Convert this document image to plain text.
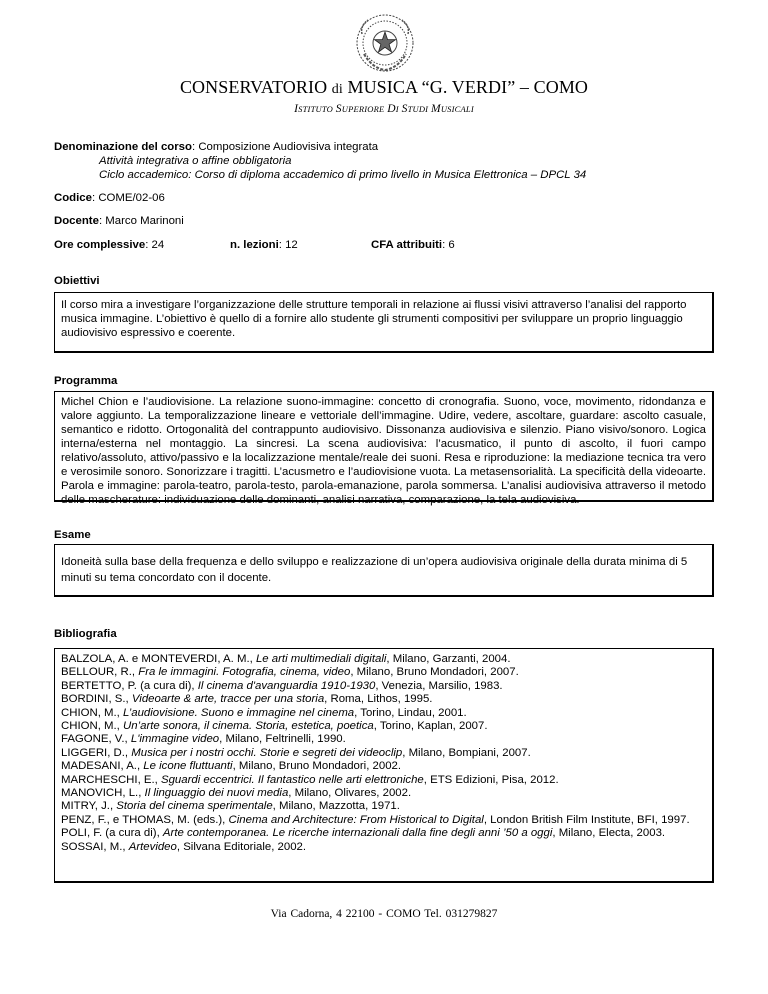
CONSERVATORIO di MUSICA “G. VERDI” – COMO
ISTITUTO SUPERIORE DI STUDI MUSICALI
Denominazione del corso: Composizione Audiovisiva integrata
Attività integrativa o affine obbligatoria
Ciclo accademico: Corso di diploma accademico di primo livello in Musica Elettronica – DPCL 34
Codice: COME/02-06
Docente: Marco Marinoni
Ore complessive: 24	n. lezioni: 12	CFA attribuiti: 6
Obiettivi
Il corso mira a investigare l’organizzazione delle strutture temporali in relazione ai flussi visivi attraverso l’analisi del rapporto musica immagine. L’obiettivo è quello di a fornire allo studente gli strumenti compositivi per sviluppare un proprio linguaggio audiovisivo espressivo e coerente.
Programma
Michel Chion e l’audiovisione. La relazione suono-immagine: concetto di cronografia. Suono, voce, movimento, ridondanza e valore aggiunto. La temporalizzazione lineare e vettoriale dell’immagine. Udire, vedere, ascoltare, guardare: ascolto casuale, semantico e ridotto. Ortogonalità del contrappunto audiovisivo. Dissonanza audiovisiva e silenzio. Piano visivo/sonoro. Logica interna/esterna nel montaggio. La sincresi. La scena audiovisiva: l’acusmatico, il punto di ascolto, il fuori campo relativo/assoluto, attivo/passivo e la localizzazione mentale/reale dei suoni. Resa e riproduzione: la mediazione tecnica tra vero e verosimile sonoro. Sonorizzare i tragitti. L’acusmetro e l’audiovisione vuota. La metasensorialità. La specificità della videoarte. Parola e immagine: parola-teatro, parola-testo, parola-emanazione, parola sommersa. L’analisi audiovisiva attraverso il metodo delle mascherature: individuazione delle dominanti, analisi narrativa, comparazione, la tela audiovisiva.
Esame
Idoneità sulla base della frequenza e dello sviluppo e realizzazione di un’opera audiovisiva originale della durata minima di 5 minuti su tema concordato con il docente.
Bibliografia
BALZOLA, A. e MONTEVERDI, A. M., Le arti multimediali digitali, Milano, Garzanti, 2004.
BELLOUR, R., Fra le immagini. Fotografia, cinema, video, Milano, Bruno Mondadori, 2007.
BERTETTO, P. (a cura di), Il cinema d'avanguardia 1910-1930, Venezia, Marsilio, 1983.
BORDINI, S., Videoarte & arte, tracce per una storia, Roma, Lithos, 1995.
CHION, M., L’audiovisione. Suono e immagine nel cinema, Torino, Lindau, 2001.
CHION, M., Un’arte sonora, il cinema. Storia, estetica, poetica, Torino, Kaplan, 2007.
FAGONE, V., L'immagine video, Milano, Feltrinelli, 1990.
LIGGERI, D., Musica per i nostri occhi. Storie e segreti dei videoclip, Milano, Bompiani, 2007.
MADESANI, A., Le icone fluttuanti, Milano, Bruno Mondadori, 2002.
MARCHESCHI, E., Sguardi eccentrici. Il fantastico nelle arti elettroniche, ETS Edizioni, Pisa, 2012.
MANOVICH, L., Il linguaggio dei nuovi media, Milano, Olivares, 2002.
MITRY, J., Storia del cinema sperimentale, Milano, Mazzotta, 1971.
PENZ, F., e THOMAS, M. (eds.), Cinema and Architecture: From Historical to Digital, London British Film Institute, BFI, 1997.
POLI, F. (a cura di), Arte contemporanea. Le ricerche internazionali dalla fine degli anni ’50 a oggi, Milano, Electa, 2003.
SOSSAI, M., Artevideo, Silvana Editoriale, 2002.
Via Cadorna, 4 22100 - COMO Tel. 031279827
